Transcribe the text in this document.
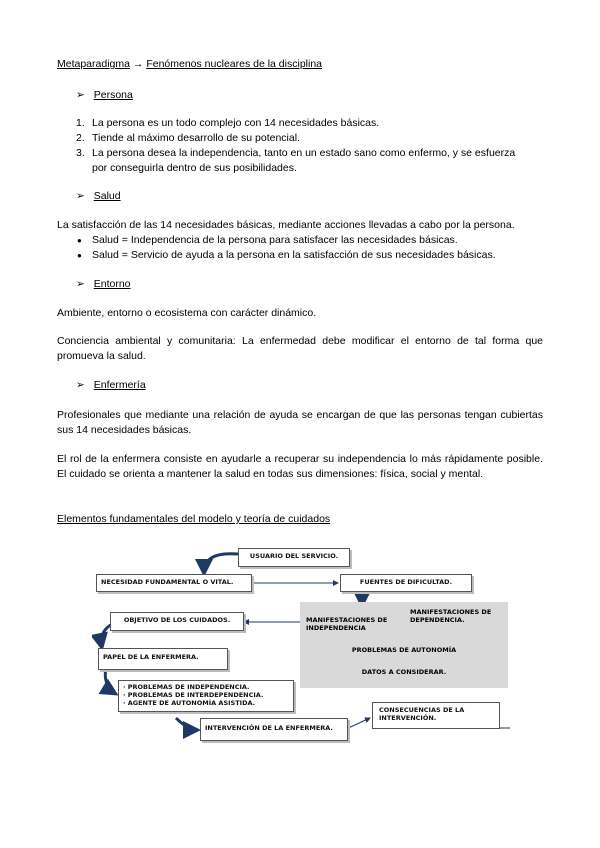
Metaparadigma → Fenómenos nucleares de la disciplina
➢ Persona
1. La persona es un todo complejo con 14 necesidades básicas.
2. Tiende al máximo desarrollo de su potencial.
3. La persona desea la independencia, tanto en un estado sano como enfermo, y se esfuerza
por conseguirla dentro de sus posibilidades.
➢ Salud
La satisfacción de las 14 necesidades básicas, mediante acciones llevadas a cabo por la persona.
● Salud = Independencia de la persona para satisfacer las necesidades básicas.
● Salud = Servicio de ayuda a la persona en la satisfacción de sus necesidades básicas.
➢ Entorno
Ambiente, entorno o ecosistema con carácter dinámico.
Conciencia ambiental y comunitaria: La enfermedad debe modificar el entorno de tal forma que promueva la salud.
➢ Enfermería
Profesionales que mediante una relación de ayuda se encargan de que las personas tengan cubiertas sus 14 necesidades básicas.
El rol de la enfermera consiste en ayudarle a recuperar su independencia lo más rápidamente posible. El cuidado se orienta a mantener la salud en todas sus dimensiones: física, social y mental.
Elementos fundamentales del modelo y teoría de cuidados
USUARIO DEL SERVICIO.
NECESIDAD FUNDAMENTAL O VITAL.	FUENTES DE DIFICULTAD.
OBJETIVO DE LOS CUIDADOS.	MANIFESTACIONES DE INDEPENDENCIA
MANIFESTACIONES DE DEPENDENCIA.
PROBLEMAS DE AUTONOMÍA
DATOS A CONSIDERAR.
PAPEL DE LA ENFERMERA.
· PROBLEMAS DE INDEPENDENCIA.
· PROBLEMAS DE INTERDEPENDENCIA.
· AGENTE DE AUTONOMÍA ASISTIDA.
INTERVENCIÓN DE LA ENFERMERA.
CONSECUENCIAS DE LA INTERVENCIÓN.
